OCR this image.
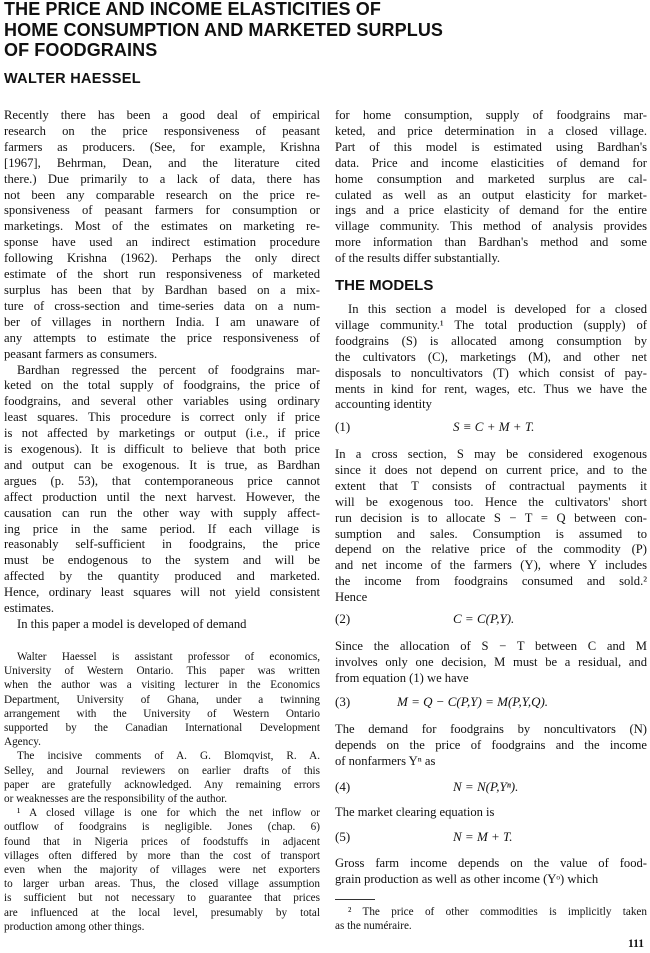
THE PRICE AND INCOME ELASTICITIES OF
HOME CONSUMPTION AND MARKETED SURPLUS
OF FOODGRAINS
WALTER HAESSEL
Recently there has been a good deal of empirical
research on the price responsiveness of peasant
farmers as producers. (See, for example, Krishna
[1967], Behrman, Dean, and the literature cited
there.) Due primarily to a lack of data, there has
not been any comparable research on the price re-
sponsiveness of peasant farmers for consumption or
marketings. Most of the estimates on marketing re-
sponse have used an indirect estimation procedure
following Krishna (1962). Perhaps the only direct
estimate of the short run responsiveness of marketed
surplus has been that by Bardhan based on a mix-
ture of cross-section and time-series data on a num-
ber of villages in northern India. I am unaware of
any attempts to estimate the price responsiveness of
peasant farmers as consumers.
Bardhan regressed the percent of foodgrains mar-
keted on the total supply of foodgrains, the price of
foodgrains, and several other variables using ordinary
least squares. This procedure is correct only if price
is not affected by marketings or output (i.e., if price
is exogenous). It is difficult to believe that both price
and output can be exogenous. It is true, as Bardhan
argues (p. 53), that contemporaneous price cannot
affect production until the next harvest. However, the
causation can run the other way with supply affect-
ing price in the same period. If each village is
reasonably self-sufficient in foodgrains, the price
must be endogenous to the system and will be
affected by the quantity produced and marketed.
Hence, ordinary least squares will not yield consistent
estimates.
In this paper a model is developed of demand
Walter Haessel is assistant professor of economics,
University of Western Ontario. This paper was written
when the author was a visiting lecturer in the Economics
Department, University of Ghana, under a twinning
arrangement with the University of Western Ontario
supported by the Canadian International Development
Agency.
The incisive comments of A. G. Blomqvist, R. A.
Selley, and Journal reviewers on earlier drafts of this
paper are gratefully acknowledged. Any remaining errors
or weaknesses are the responsibility of the author.
¹ A closed village is one for which the net inflow or
outflow of foodgrains is negligible. Jones (chap. 6)
found that in Nigeria prices of foodstuffs in adjacent
villages often differed by more than the cost of transport
even when the majority of villages were net exporters
to larger urban areas. Thus, the closed village assumption
is sufficient but not necessary to guarantee that prices
are influenced at the local level, presumably by total
production among other things.
for home consumption, supply of foodgrains mar-
keted, and price determination in a closed village.
Part of this model is estimated using Bardhan's
data. Price and income elasticities of demand for
home consumption and marketed surplus are cal-
culated as well as an output elasticity for market-
ings and a price elasticity of demand for the entire
village community. This method of analysis provides
more information than Bardhan's method and some
of the results differ substantially.
THE MODELS
In this section a model is developed for a closed
village community.¹ The total production (supply) of
foodgrains (S) is allocated among consumption by
the cultivators (C), marketings (M), and other net
disposals to noncultivators (T) which consist of pay-
ments in kind for rent, wages, etc. Thus we have the
accounting identity
(1)	S ≡ C + M + T.
In a cross section, S may be considered exogenous
since it does not depend on current price, and to the
extent that T consists of contractual payments it
will be exogenous too. Hence the cultivators' short
run decision is to allocate S − T = Q between con-
sumption and sales. Consumption is assumed to
depend on the relative price of the commodity (P)
and net income of the farmers (Y), where Y includes
the income from foodgrains consumed and sold.²
Hence
(2)	C = C(P,Y).
Since the allocation of S − T between C and M
involves only one decision, M must be a residual, and
from equation (1) we have
(3)	M = Q − C(P,Y) = M(P,Y,Q).
The demand for foodgrains by noncultivators (N)
depends on the price of foodgrains and the income
of nonfarmers Yⁿ as
(4)	N = N(P,Yⁿ).
The market clearing equation is
(5)	N = M + T.
Gross farm income depends on the value of food-
grain production as well as other income (Yᵒ) which
² The price of other commodities is implicitly taken
as the numéraire.
111
